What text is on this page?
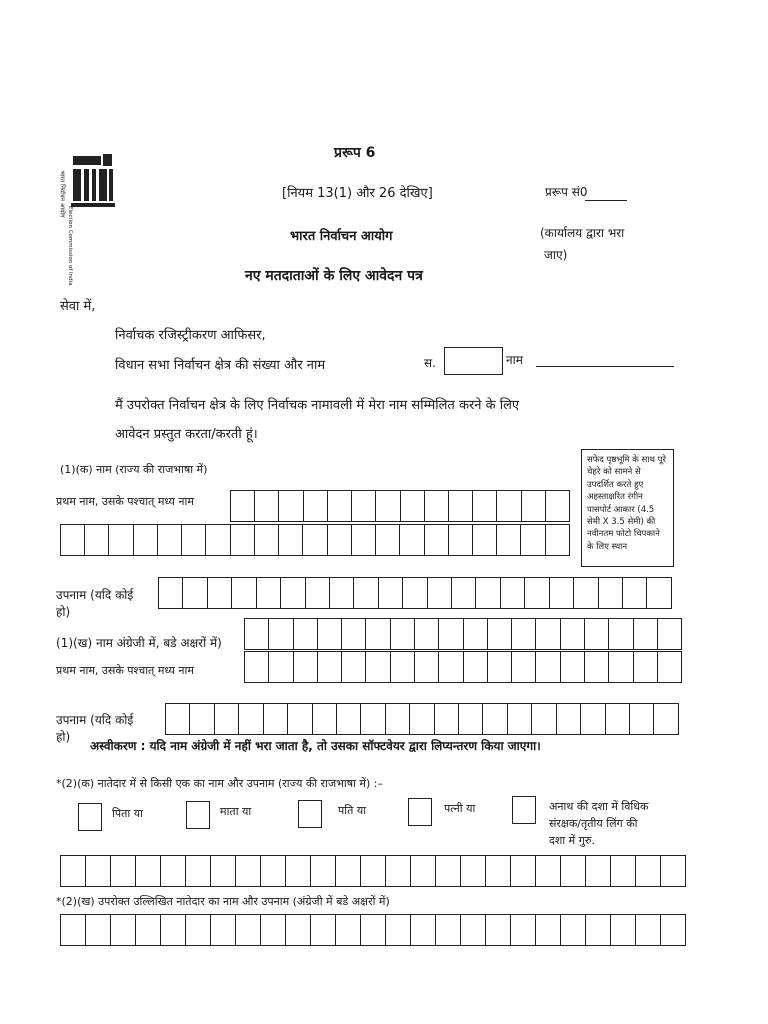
भारत निर्वाचन आयोग
Election Commission of India
प्ररूप 6
[नियम 13(1) और 26 देखिए]
भारत निर्वाचन आयोग
नए मतदाताओं के लिए आवेदन पत्र
प्ररूप सं0
(कार्यालय द्वारा भरा
जाए)
सेवा में,
निर्वाचक रजिस्ट्रीकरण आफिसर,
विधान सभा निर्वाचन क्षेत्र की संख्या और नाम	स.	नाम
मैं उपरोक्त निर्वाचन क्षेत्र के लिए निर्वाचक नामावली में मेरा नाम सम्मिलित करने के लिए
आवेदन प्रस्तुत करता/करती हूं।
सफेद पृष्ठभूमि के साथ पूरे चेहरे को सामने से उपदर्शित करते हुए अहस्ताक्षरित रंगीन पासपोर्ट आकार (4.5 सेमी X 3.5 सेमी) की नवीनतम फोटो चिपकाने के लिए स्थान
(1)(क) नाम (राज्य की राजभाषा में)
प्रथम नाम, उसके पश्चात् मध्य नाम
उपनाम (यदि कोई
हो)
(1)(ख) नाम अंग्रेजी में, बडे अक्षरों में)
प्रथम नाम, उसके पश्चात् मध्य नाम
उपनाम (यदि कोई
हो)
अस्वीकरण : यदि नाम अंग्रेजी में नहीं भरा जाता है, तो उसका सॉफ्टवेयर द्वारा लिप्यन्तरण किया जाएगा।
*(2)(क) नातेदार में से किसी एक का नाम और उपनाम (राज्य की राजभाषा में) :–
पिता या	माता या	पति या	पत्नी या	अनाथ की दशा में विधिक
संरक्षक/तृतीय लिंग की
दशा में गुरु.
*(2)(ख) उपरोक्त उल्लिखित नातेदार का नाम और उपनाम (अंग्रेजी में बडे अक्षरों में)
